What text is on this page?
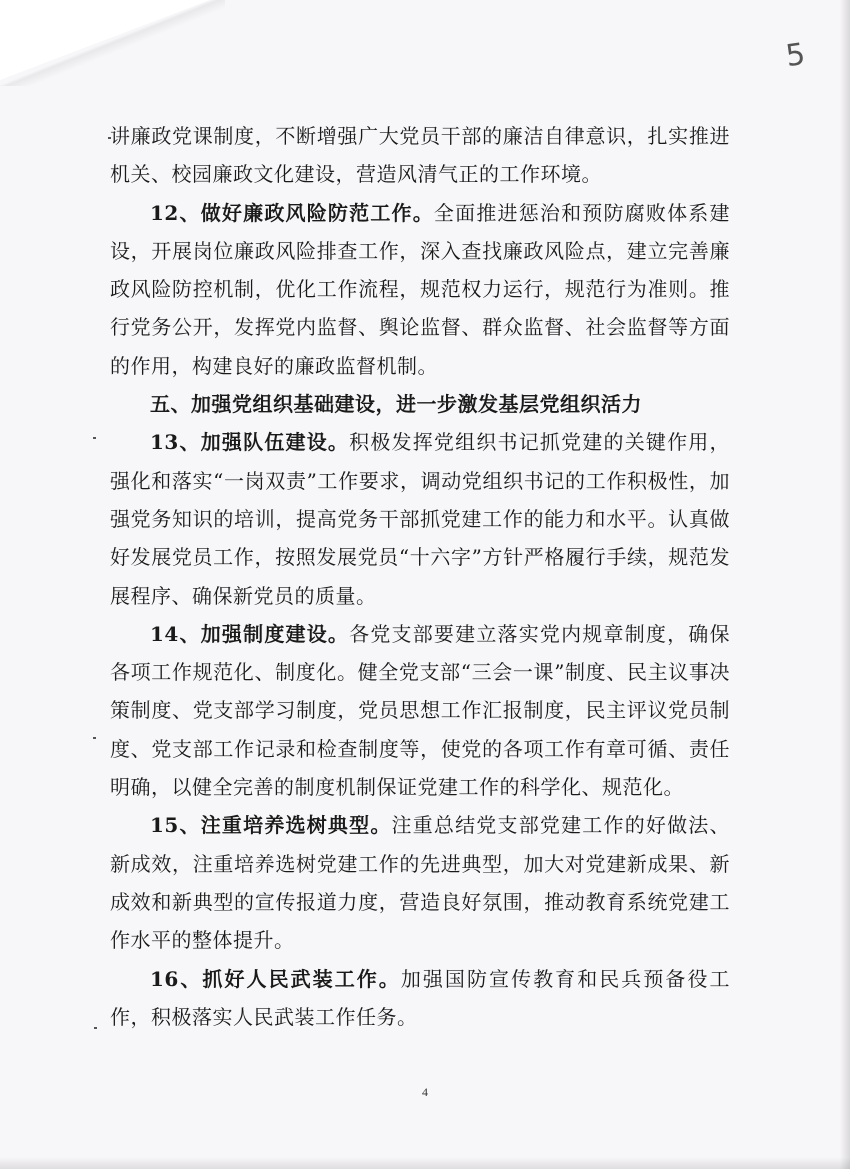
5

讲廉政党课制度，不断增强广大党员干部的廉洁自律意识，扎实推进机关、校园廉政文化建设，营造风清气正的工作环境。

12、做好廉政风险防范工作。全面推进惩治和预防腐败体系建设，开展岗位廉政风险排查工作，深入查找廉政风险点，建立完善廉政风险防控机制，优化工作流程，规范权力运行，规范行为准则。推行党务公开，发挥党内监督、舆论监督、群众监督、社会监督等方面的作用，构建良好的廉政监督机制。

五、加强党组织基础建设，进一步激发基层党组织活力

13、加强队伍建设。积极发挥党组织书记抓党建的关键作用，强化和落实“一岗双责”工作要求，调动党组织书记的工作积极性，加强党务知识的培训，提高党务干部抓党建工作的能力和水平。认真做好发展党员工作，按照发展党员“十六字”方针严格履行手续，规范发展程序、确保新党员的质量。

14、加强制度建设。各党支部要建立落实党内规章制度，确保各项工作规范化、制度化。健全党支部“三会一课”制度、民主议事决策制度、党支部学习制度，党员思想工作汇报制度，民主评议党员制度、党支部工作记录和检查制度等，使党的各项工作有章可循、责任明确，以健全完善的制度机制保证党建工作的科学化、规范化。

15、注重培养选树典型。注重总结党支部党建工作的好做法、新成效，注重培养选树党建工作的先进典型，加大对党建新成果、新成效和新典型的宣传报道力度，营造良好氛围，推动教育系统党建工作水平的整体提升。

16、抓好人民武装工作。加强国防宣传教育和民兵预备役工作，积极落实人民武装工作任务。

4
